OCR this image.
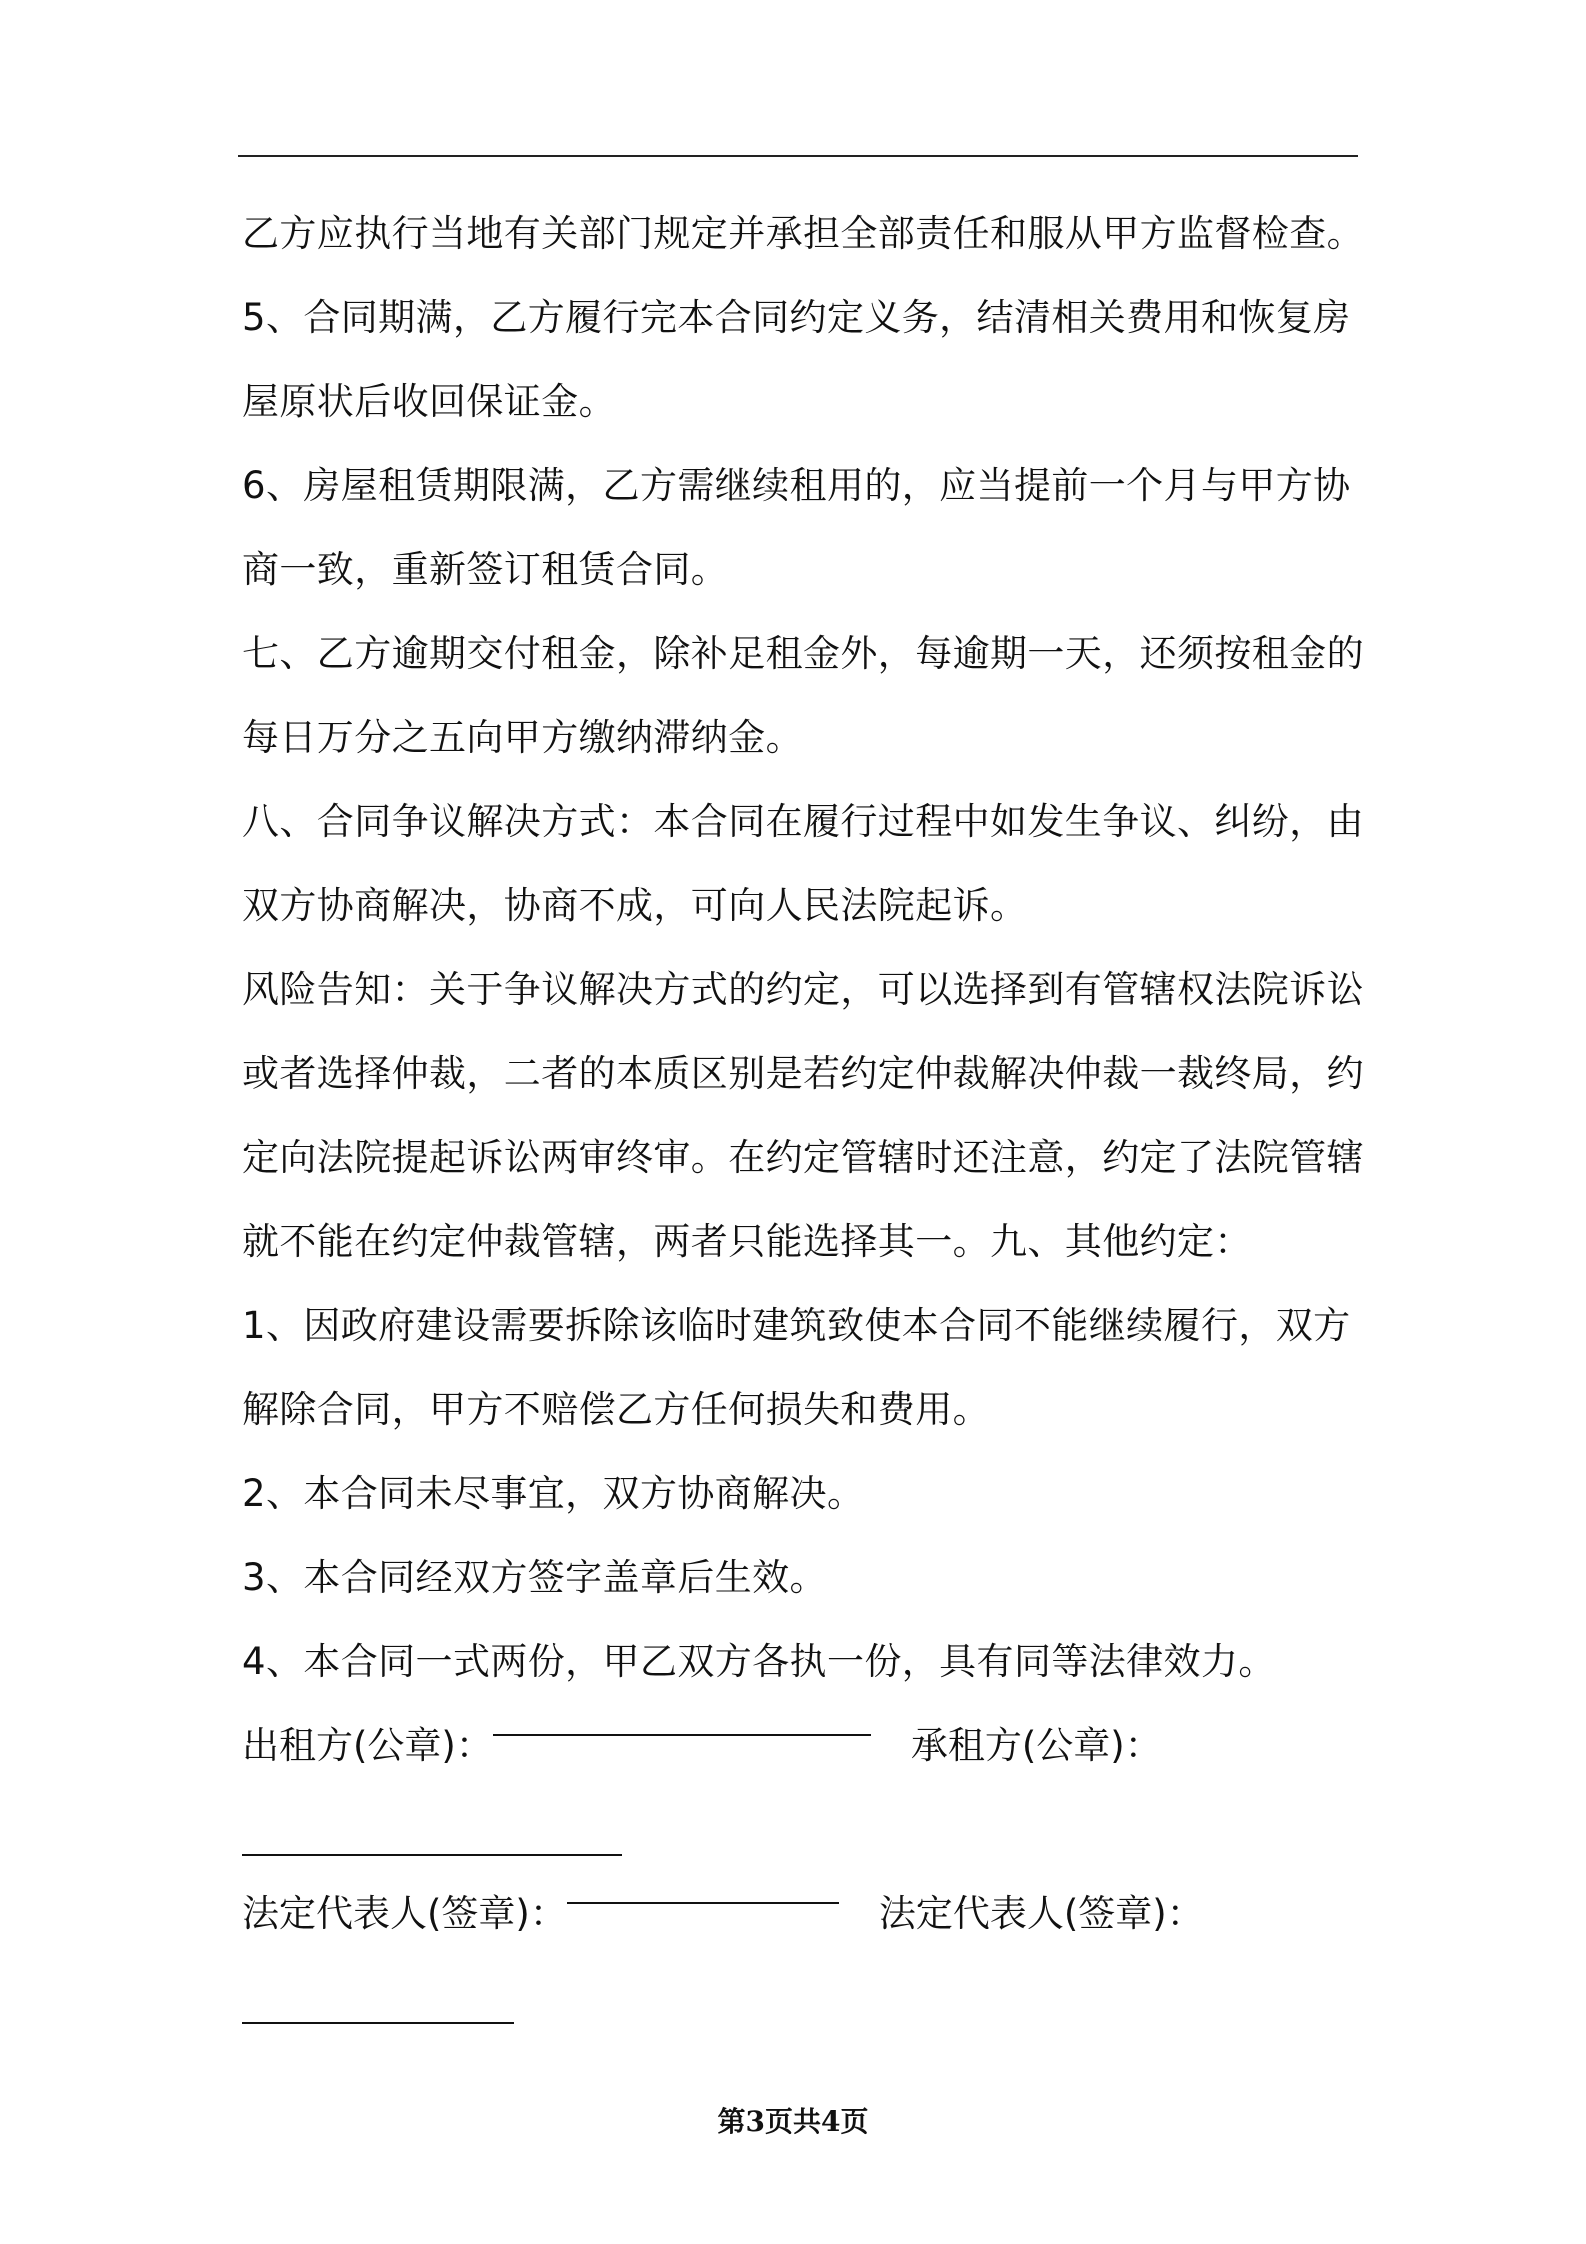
乙方应执行当地有关部门规定并承担全部责任和服从甲方监督检查。
5、合同期满，乙方履行完本合同约定义务，结清相关费用和恢复房
屋原状后收回保证金。
6、房屋租赁期限满，乙方需继续租用的，应当提前一个月与甲方协
商一致，重新签订租赁合同。
七、乙方逾期交付租金，除补足租金外，每逾期一天，还须按租金的
每日万分之五向甲方缴纳滞纳金。
八、合同争议解决方式：本合同在履行过程中如发生争议、纠纷，由
双方协商解决，协商不成，可向人民法院起诉。
风险告知：关于争议解决方式的约定，可以选择到有管辖权法院诉讼
或者选择仲裁，二者的本质区别是若约定仲裁解决仲裁一裁终局，约
定向法院提起诉讼两审终审。在约定管辖时还注意，约定了法院管辖
就不能在约定仲裁管辖，两者只能选择其一。九、其他约定：
1、因政府建设需要拆除该临时建筑致使本合同不能继续履行，双方
解除合同，甲方不赔偿乙方任何损失和费用。
2、本合同未尽事宜，双方协商解决。
3、本合同经双方签字盖章后生效。
4、本合同一式两份，甲乙双方各执一份，具有同等法律效力。
出租方(公章)：	承租方(公章)：
法定代表人(签章)：	法定代表人(签章)：
第3页共4页
